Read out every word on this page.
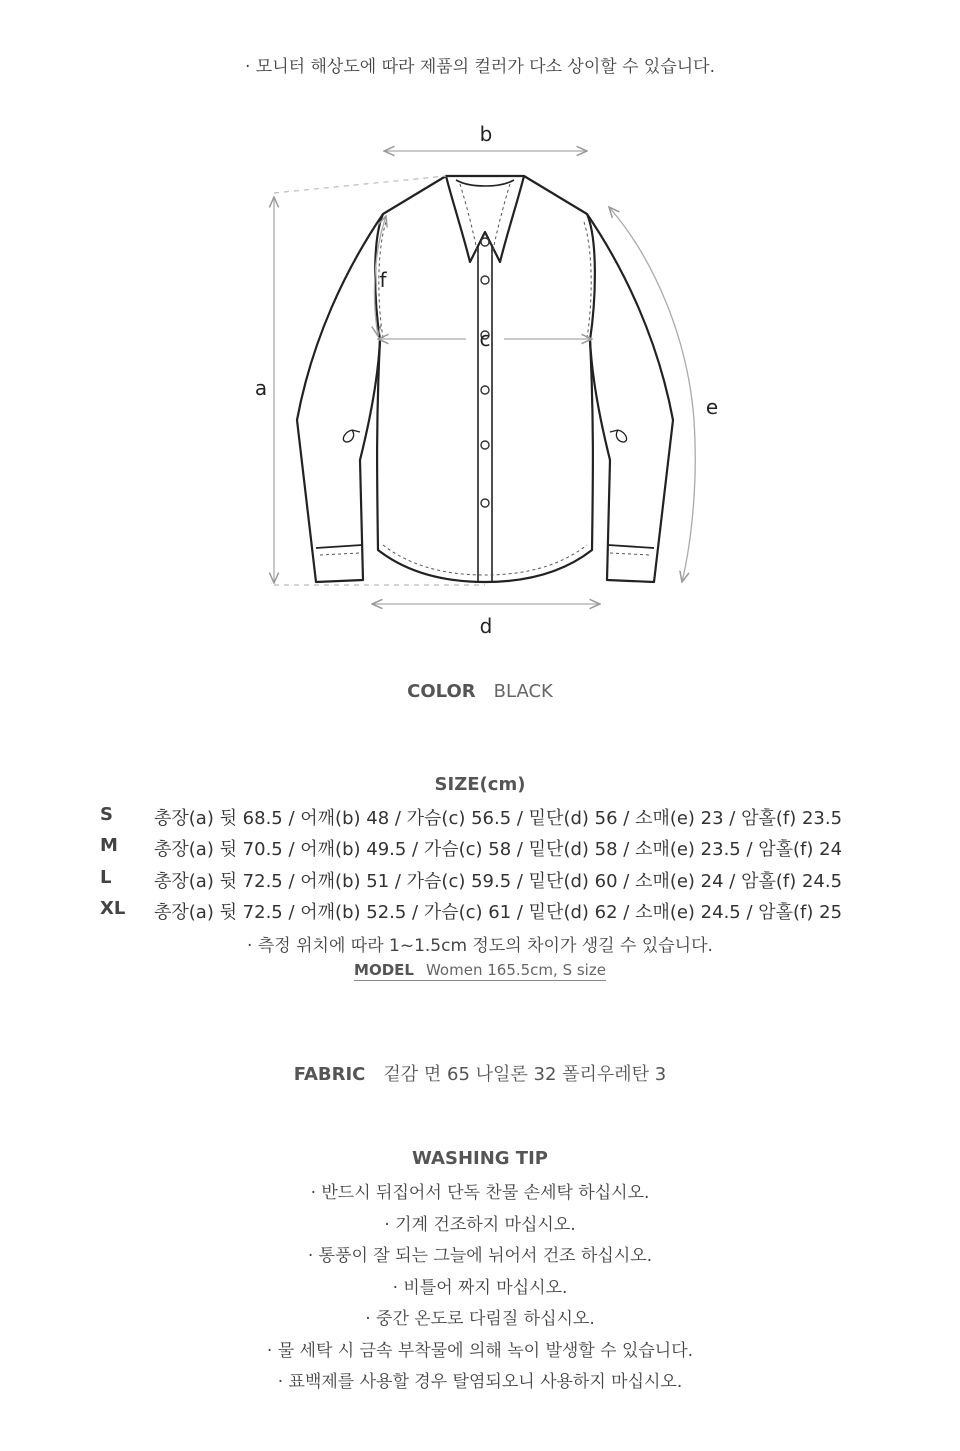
· 모니터 해상도에 따라 제품의 컬러가 다소 상이할 수 있습니다.
b
a
c
d
e
f
COLOR BLACK
SIZE(cm)
S	총장(a) 뒷 68.5 / 어깨(b) 48 / 가슴(c) 56.5 / 밑단(d) 56 / 소매(e) 23 / 암홀(f) 23.5
M	총장(a) 뒷 70.5 / 어깨(b) 49.5 / 가슴(c) 58 / 밑단(d) 58 / 소매(e) 23.5 / 암홀(f) 24
L	총장(a) 뒷 72.5 / 어깨(b) 51 / 가슴(c) 59.5 / 밑단(d) 60 / 소매(e) 24 / 암홀(f) 24.5
XL 총장(a) 뒷 72.5 / 어깨(b) 52.5 / 가슴(c) 61 / 밑단(d) 62 / 소매(e) 24.5 / 암홀(f) 25
· 측정 위치에 따라 1~1.5cm 정도의 차이가 생길 수 있습니다.
MODEL Women 165.5cm, S size
FABRIC 겉감 면 65 나일론 32 폴리우레탄 3
WASHING TIP
· 반드시 뒤집어서 단독 찬물 손세탁 하십시오.
· 기계 건조하지 마십시오.
· 통풍이 잘 되는 그늘에 뉘어서 건조 하십시오.
· 비틀어 짜지 마십시오.
· 중간 온도로 다림질 하십시오.
· 물 세탁 시 금속 부착물에 의해 녹이 발생할 수 있습니다.
· 표백제를 사용할 경우 탈염되오니 사용하지 마십시오.
